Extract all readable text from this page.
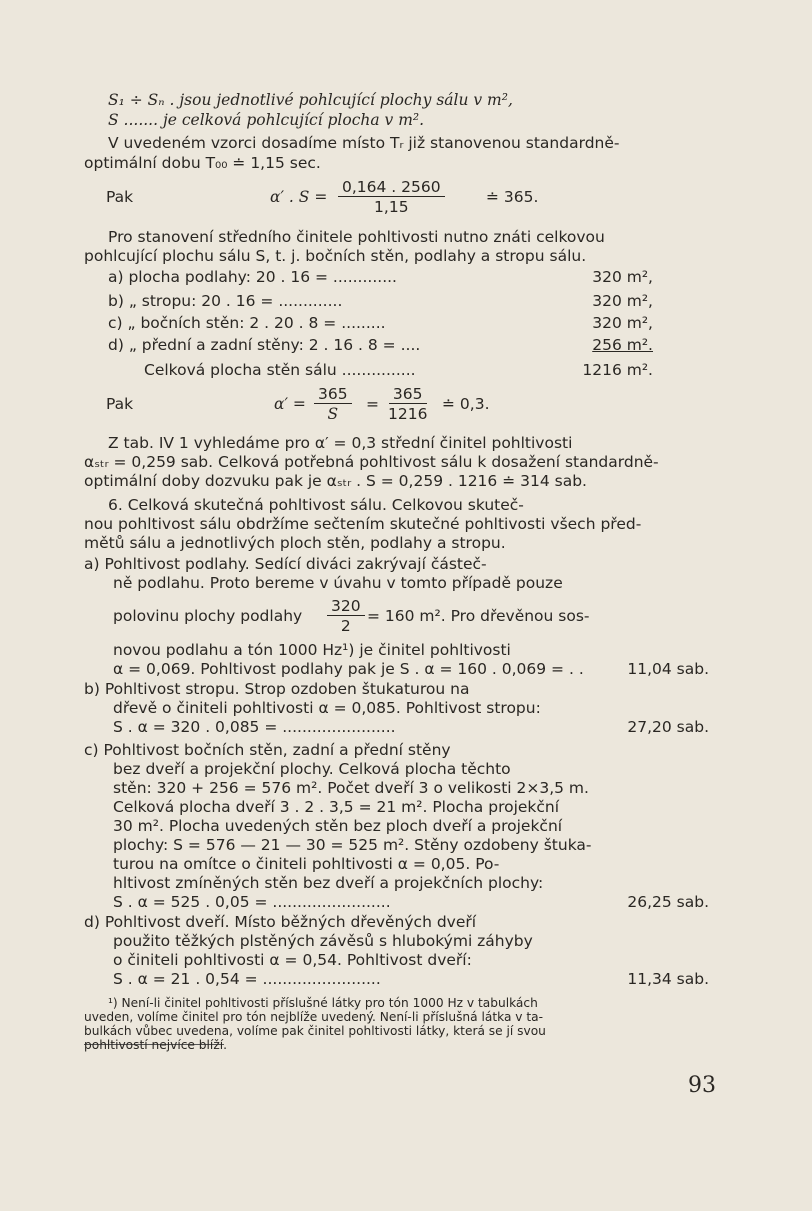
S₁ ÷ Sₙ . jsou jednotlivé pohlcující plochy sálu v m²,
S ....... je celková pohlcující plocha v m².
V uvedeném vzorci dosadíme místo Tᵣ již stanovenou standardně-
optimální dobu T₀₀ ≐ 1,15 sec.
Pak	α′ . $S = \frac{0,164 . 2560}{1,15}$	≐ 365.
Pro stanovení středního činitele pohltivosti nutno znáti celkovou
pohlcující plochu sálu S, t. j. bočních stěn, podlahy a stropu sálu.
a) plocha podlahy: 20 . 16 = .............	320 m²,
b) „ stropu: 20 . 16 = .............	320 m²,
c) „ bočních stěn: 2 . 20 . 8 = .........	320 m²,
d) „ přední a zadní stěny: 2 . 16 . 8 = ....	256 m².
Celková plocha stěn sálu ...............	1216 m².
Pak	$\alpha' = \frac{365}{S} = \frac{365}{1216}$ ≐ 0,3.
Z tab. IV 1 vyhledáme pro α′ = 0,3 střední činitel pohltivosti
αₛₜᵣ = 0,259 sab. Celková potřebná pohltivost sálu k dosažení standardně-
optimální doby dozvuku pak je αₛₜᵣ . S = 0,259 . 1216 ≐ 314 sab.
6. Celková skutečná pohltivost sálu. Celkovou skuteč-
nou pohltivost sálu obdržíme sečtením skutečné pohltivosti všech před-
mětů sálu a jednotlivých ploch stěn, podlahy a stropu.
a) Pohltivost podlahy. Sedící diváci zakrývají částeč-
ně podlahu. Proto bereme v úvahu v tomto případě pouze
polovinu plochy podlahy $\frac{320}{2} = 160$ m². Pro dřevěnou sos-
novou podlahu a tón 1000 Hz¹) je činitel pohltivosti
α = 0,069. Pohltivost podlahy pak je S . α = 160 . 0,069 = . .	11,04 sab.
b) Pohltivost stropu. Strop ozdoben štukaturou na
dřevě o činiteli pohltivosti α = 0,085. Pohltivost stropu:
S . α = 320 . 0,085 = .......................	27,20 sab.
c) Pohltivost bočních stěn, zadní a přední stěny
bez dveří a projekční plochy. Celková plocha těchto
stěn: 320 + 256 = 576 m². Počet dveří 3 o velikosti 2×3,5 m.
Celková plocha dveří 3 . 2 . 3,5 = 21 m². Plocha projekční
30 m². Plocha uvedených stěn bez ploch dveří a projekční
plochy: S = 576 — 21 — 30 = 525 m². Stěny ozdobeny štuka-
turou na omítce o činiteli pohltivosti α = 0,05. Po-
hltivost zmíněných stěn bez dveří a projekčních plochy:
S . α = 525 . 0,05 = ........................	26,25 sab.
d) Pohltivost dveří. Místo běžných dřevěných dveří
použito těžkých plstěných závěsů s hlubokými záhyby
o činiteli pohltivosti α = 0,54. Pohltivost dveří:
S . α = 21 . 0,54 = ........................	11,34 sab.
¹) Není-li činitel pohltivosti příslušné látky pro tón 1000 Hz v tabulkách
uveden, volíme činitel pro tón nejblíže uvedený. Není-li příslušná látka v ta-
bulkách vůbec uvedena, volíme pak činitel pohltivosti látky, která se jí svou
pohltivostí nejvíce blíží.
93
